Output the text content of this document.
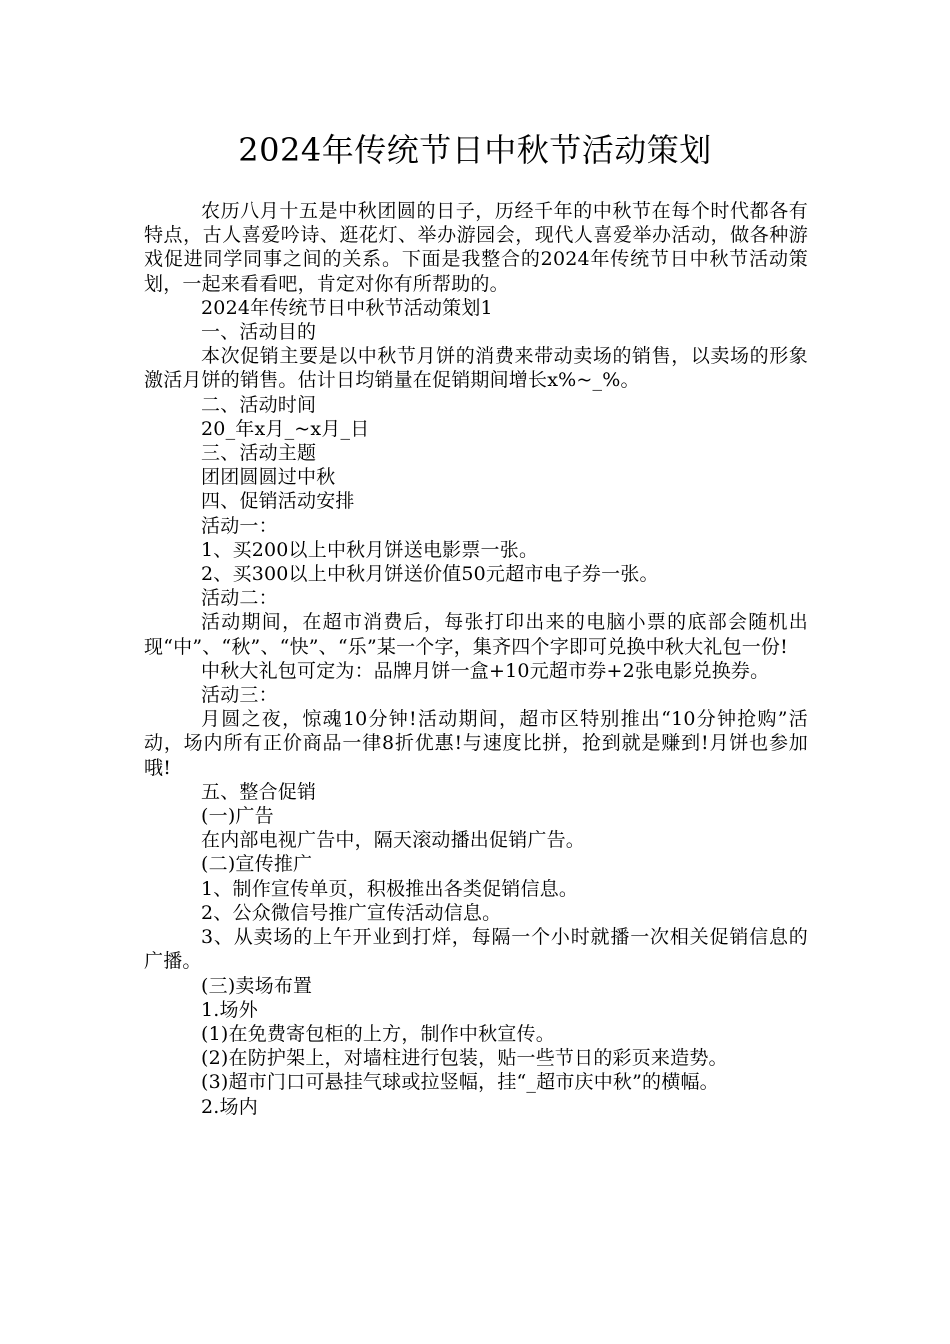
2024年传统节日中秋节活动策划

农历八月十五是中秋团圆的日子，历经千年的中秋节在每个时代都各有特点，古人喜爱吟诗、逛花灯、举办游园会，现代人喜爱举办活动，做各种游戏促进同学同事之间的关系。下面是我整合的2024年传统节日中秋节活动策划，一起来看看吧，肯定对你有所帮助的。

2024年传统节日中秋节活动策划1

一、活动目的

本次促销主要是以中秋节月饼的消费来带动卖场的销售，以卖场的形象激活月饼的销售。估计日均销量在促销期间增长x%~_%。

二、活动时间

20_年x月_~x月_日

三、活动主题

团团圆圆过中秋

四、促销活动安排

活动一：

1、买200以上中秋月饼送电影票一张。

2、买300以上中秋月饼送价值50元超市电子券一张。

活动二：

活动期间，在超市消费后，每张打印出来的电脑小票的底部会随机出现“中”、“秋”、“快”、“乐”某一个字，集齐四个字即可兑换中秋大礼包一份!

中秋大礼包可定为：品牌月饼一盒+10元超市券+2张电影兑换券。

活动三：

月圆之夜，惊魂10分钟!活动期间，超市区特别推出“10分钟抢购”活动，场内所有正价商品一律8折优惠!与速度比拼，抢到就是赚到!月饼也参加哦!

五、整合促销

(一)广告

在内部电视广告中，隔天滚动播出促销广告。

(二)宣传推广

1、制作宣传单页，积极推出各类促销信息。

2、公众微信号推广宣传活动信息。

3、从卖场的上午开业到打烊，每隔一个小时就播一次相关促销信息的广播。

(三)卖场布置

1.场外

(1)在免费寄包柜的上方，制作中秋宣传。

(2)在防护架上，对墙柱进行包装，贴一些节日的彩页来造势。

(3)超市门口可悬挂气球或拉竖幅，挂“_超市庆中秋”的横幅。

2.场内
